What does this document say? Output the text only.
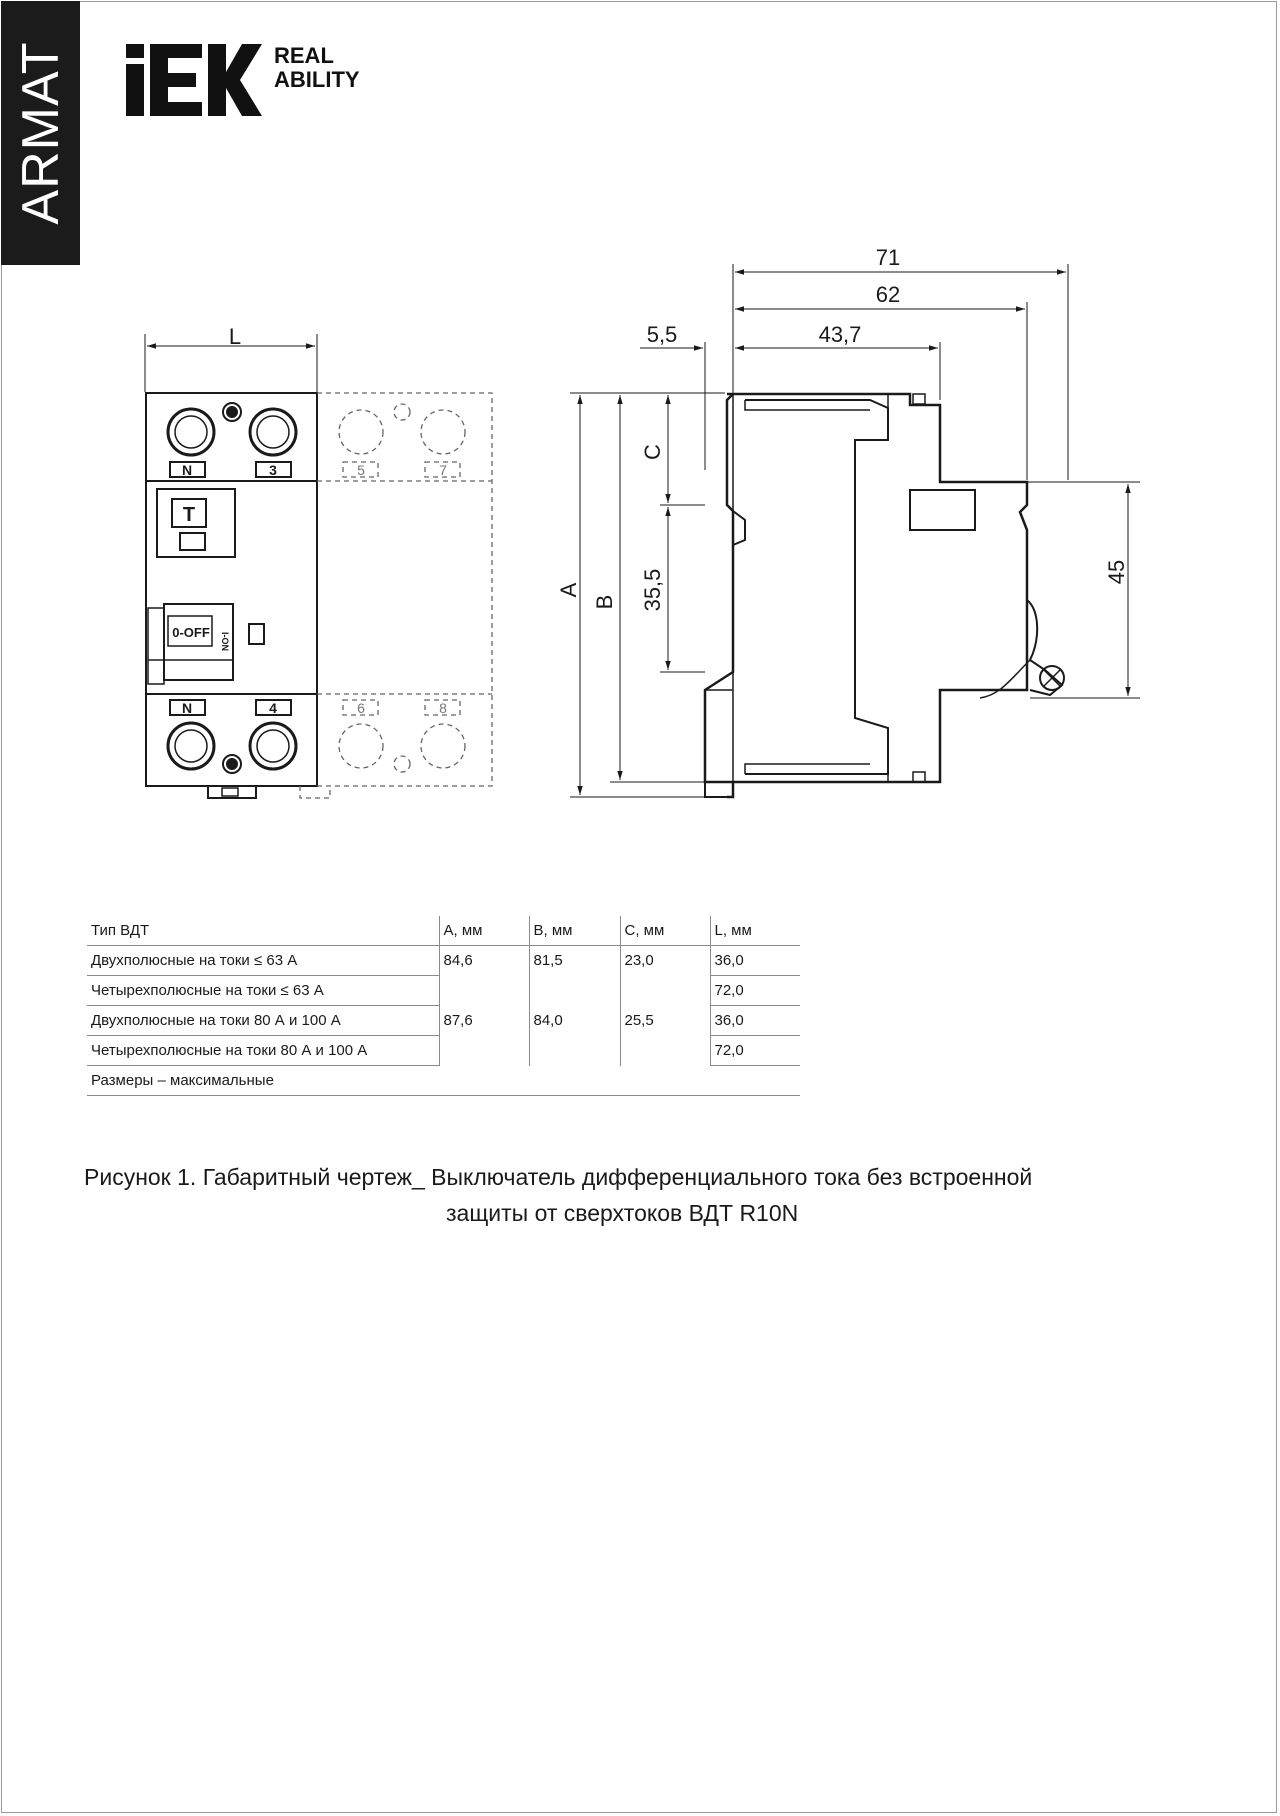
ARMAT	REAL
ABILITY
L
N	3
N	4
T
0-OFF I-ON
5	7
6	8
71
62
43,7
5,5
A
B
C
35,5	45
Тип ВДТ	А, мм	В, мм	С, мм	L, мм
Двухполюсные на токи ≤ 63 А	84,6	81,5	23,0	36,0
Четырехполюсные на токи ≤ 63 А				72,0
Двухполюсные на токи 80 А и 100 А	87,6	84,0	25,5	36,0
Четырехполюсные на токи 80 А и 100 А				72,0
Размеры – максимальные				
Рисунок 1. Габаритный чертеж_ Выключатель дифференциального тока без встроенной
защиты от сверхтоков ВДТ R10N
